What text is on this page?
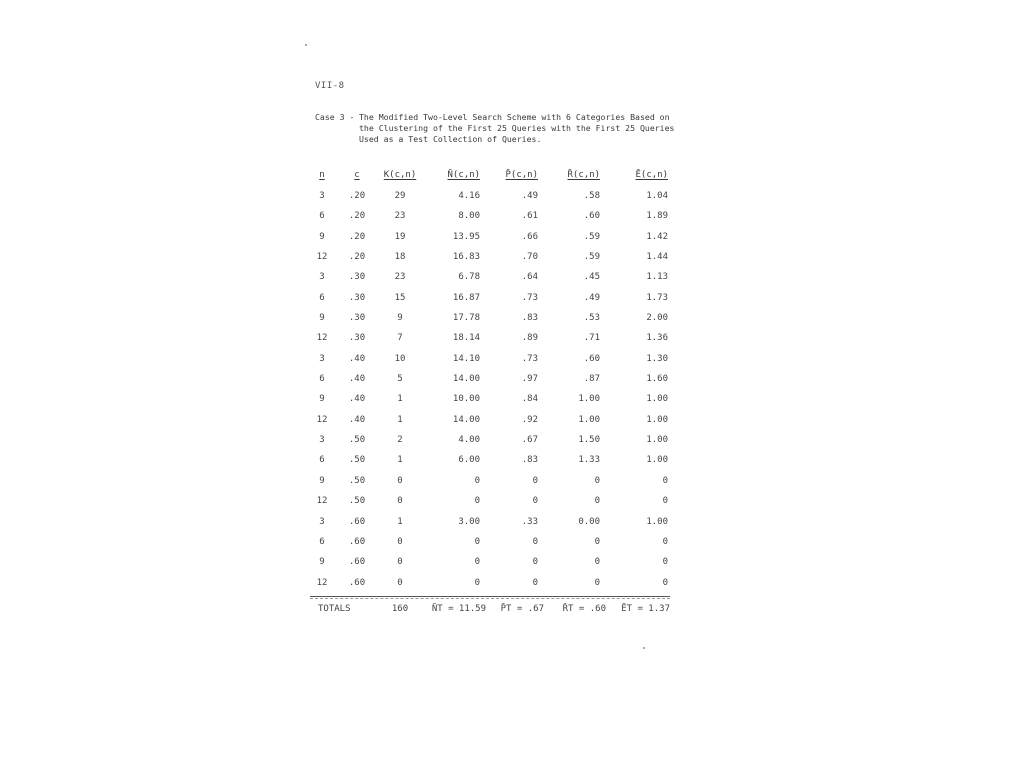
VII-8
Case 3 - The Modified Two-Level Search Scheme with 6 Categories Based on
the Clustering of the First 25 Queries with the First 25 Queries
Used as a Test Collection of Queries.
n	c	K(c,n)	N̄(c,n)	P̄(c,n)	R̄(c,n)	Ē(c,n)
3	.20	29	4.16	.49	.58	1.04
6	.20	23	8.00	.61	.60	1.89
9	.20	19	13.95	.66	.59	1.42
12	.20	18	16.83	.70	.59	1.44
3	.30	23	6.78	.64	.45	1.13
6	.30	15	16.87	.73	.49	1.73
9	.30	9	17.78	.83	.53	2.00
12	.30	7	18.14	.89	.71	1.36
3	.40	10	14.10	.73	.60	1.30
6	.40	5	14.00	.97	.87	1.60
9	.40	1	10.00	.84	1.00	1.00
12	.40	1	14.00	.92	1.00	1.00
3	.50	2	4.00	.67	1.50	1.00
6	.50	1	6.00	.83	1.33	1.00
9	.50	0	0	0	0	0
12	.50	0	0	0	0	0
3	.60	1	3.00	.33	0.00	1.00
6	.60	0	0	0	0	0
9	.60	0	0	0	0	0
12	.60	0	0	0	0	0
TOTALS	160	N̄T = 11.59	P̄T = .67	R̄T = .60	ĒT = 1.37
